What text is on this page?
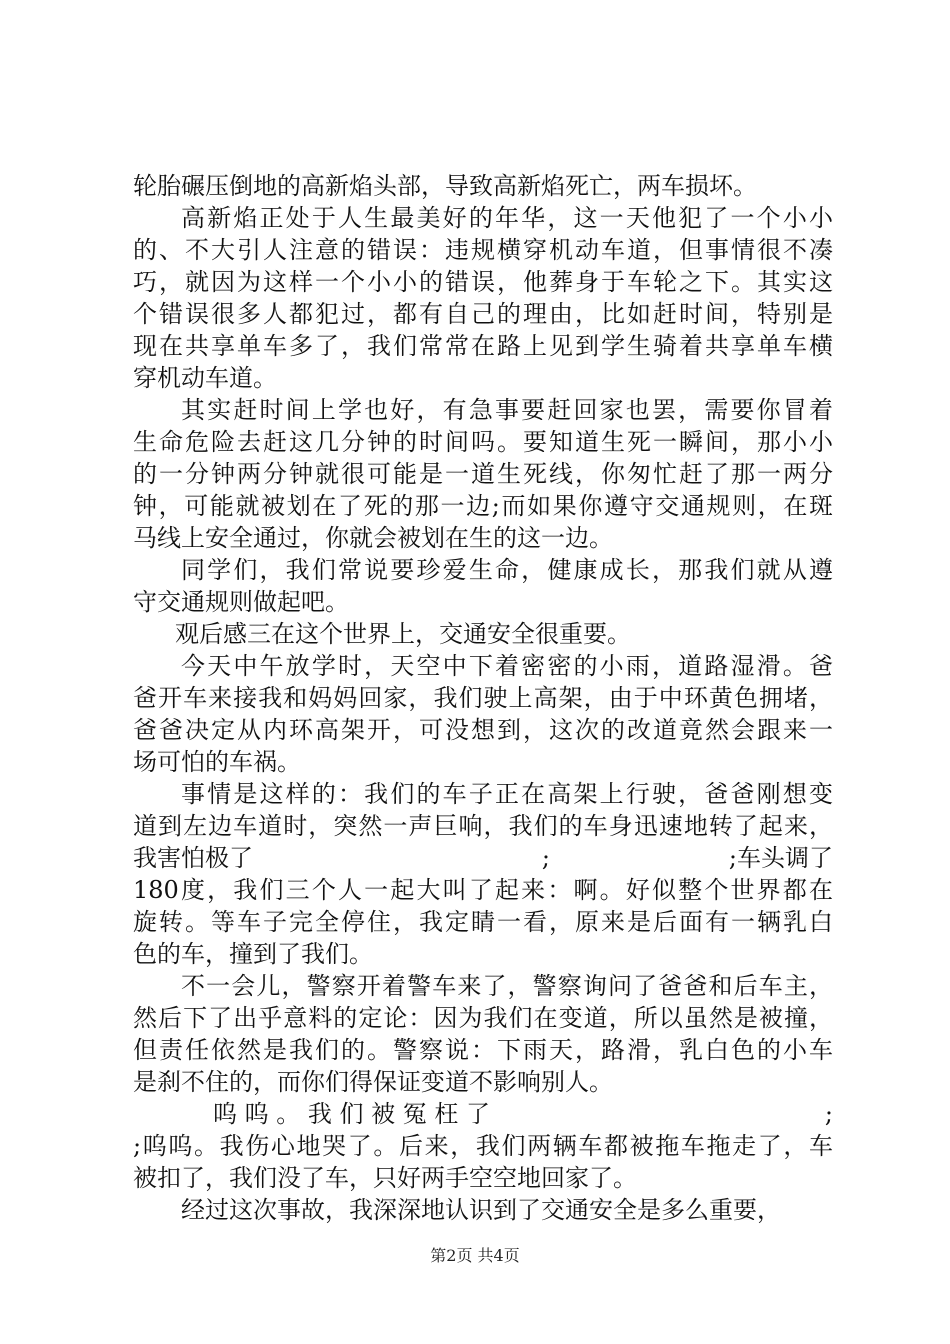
轮胎碾压倒地的高新焰头部，导致高新焰死亡，两车损坏。
高新焰正处于人生最美好的年华，这一天他犯了一个小小
的、不大引人注意的错误：违规横穿机动车道，但事情很不凑
巧，就因为这样一个小小的错误，他葬身于车轮之下。其实这
个错误很多人都犯过，都有自己的理由，比如赶时间，特别是
现在共享单车多了，我们常常在路上见到学生骑着共享单车横
穿机动车道。
其实赶时间上学也好，有急事要赶回家也罢，需要你冒着
生命危险去赶这几分钟的时间吗。要知道生死一瞬间，那小小
的一分钟两分钟就很可能是一道生死线，你匆忙赶了那一两分
钟，可能就被划在了死的那一边;而如果你遵守交通规则，在斑
马线上安全通过，你就会被划在生的这一边。
同学们，我们常说要珍爱生命，健康成长，那我们就从遵
守交通规则做起吧。
观后感三在这个世界上，交通安全很重要。
今天中午放学时，天空中下着密密的小雨，道路湿滑。爸
爸开车来接我和妈妈回家，我们驶上高架，由于中环黄色拥堵，
爸爸决定从内环高架开，可没想到，这次的改道竟然会跟来一
场可怕的车祸。
事情是这样的：我们的车子正在高架上行驶，爸爸刚想变
道到左边车道时，突然一声巨响，我们的车身迅速地转了起来，
我害怕极了	;	;车头调了
180度，我们三个人一起大叫了起来：啊。好似整个世界都在
旋转。等车子完全停住，我定睛一看，原来是后面有一辆乳白
色的车，撞到了我们。
不一会儿，警察开着警车来了，警察询问了爸爸和后车主，
然后下了出乎意料的定论：因为我们在变道，所以虽然是被撞，
但责任依然是我们的。警察说：下雨天，路滑，乳白色的小车
是刹不住的，而你们得保证变道不影响别人。
呜 呜 。 我 们 被 冤 枉 了	;
;呜呜。我伤心地哭了。后来，我们两辆车都被拖车拖走了，车
被扣了，我们没了车，只好两手空空地回家了。
经过这次事故，我深深地认识到了交通安全是多么重要，
第2页 共4页
